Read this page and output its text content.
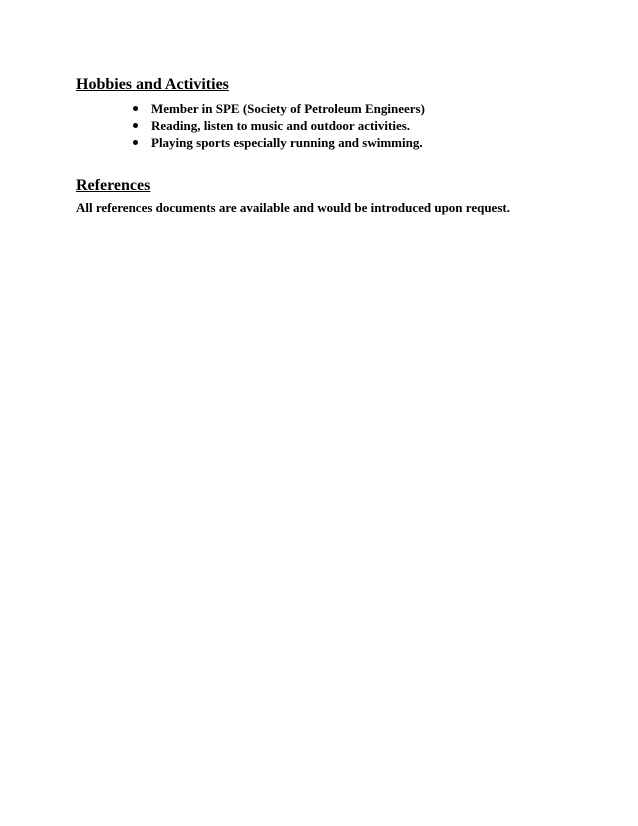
Hobbies and Activities
Member in SPE (Society of Petroleum Engineers)
Reading, listen to music and outdoor activities.
Playing sports especially running and swimming.
References

All references documents are available and would be introduced upon request.
